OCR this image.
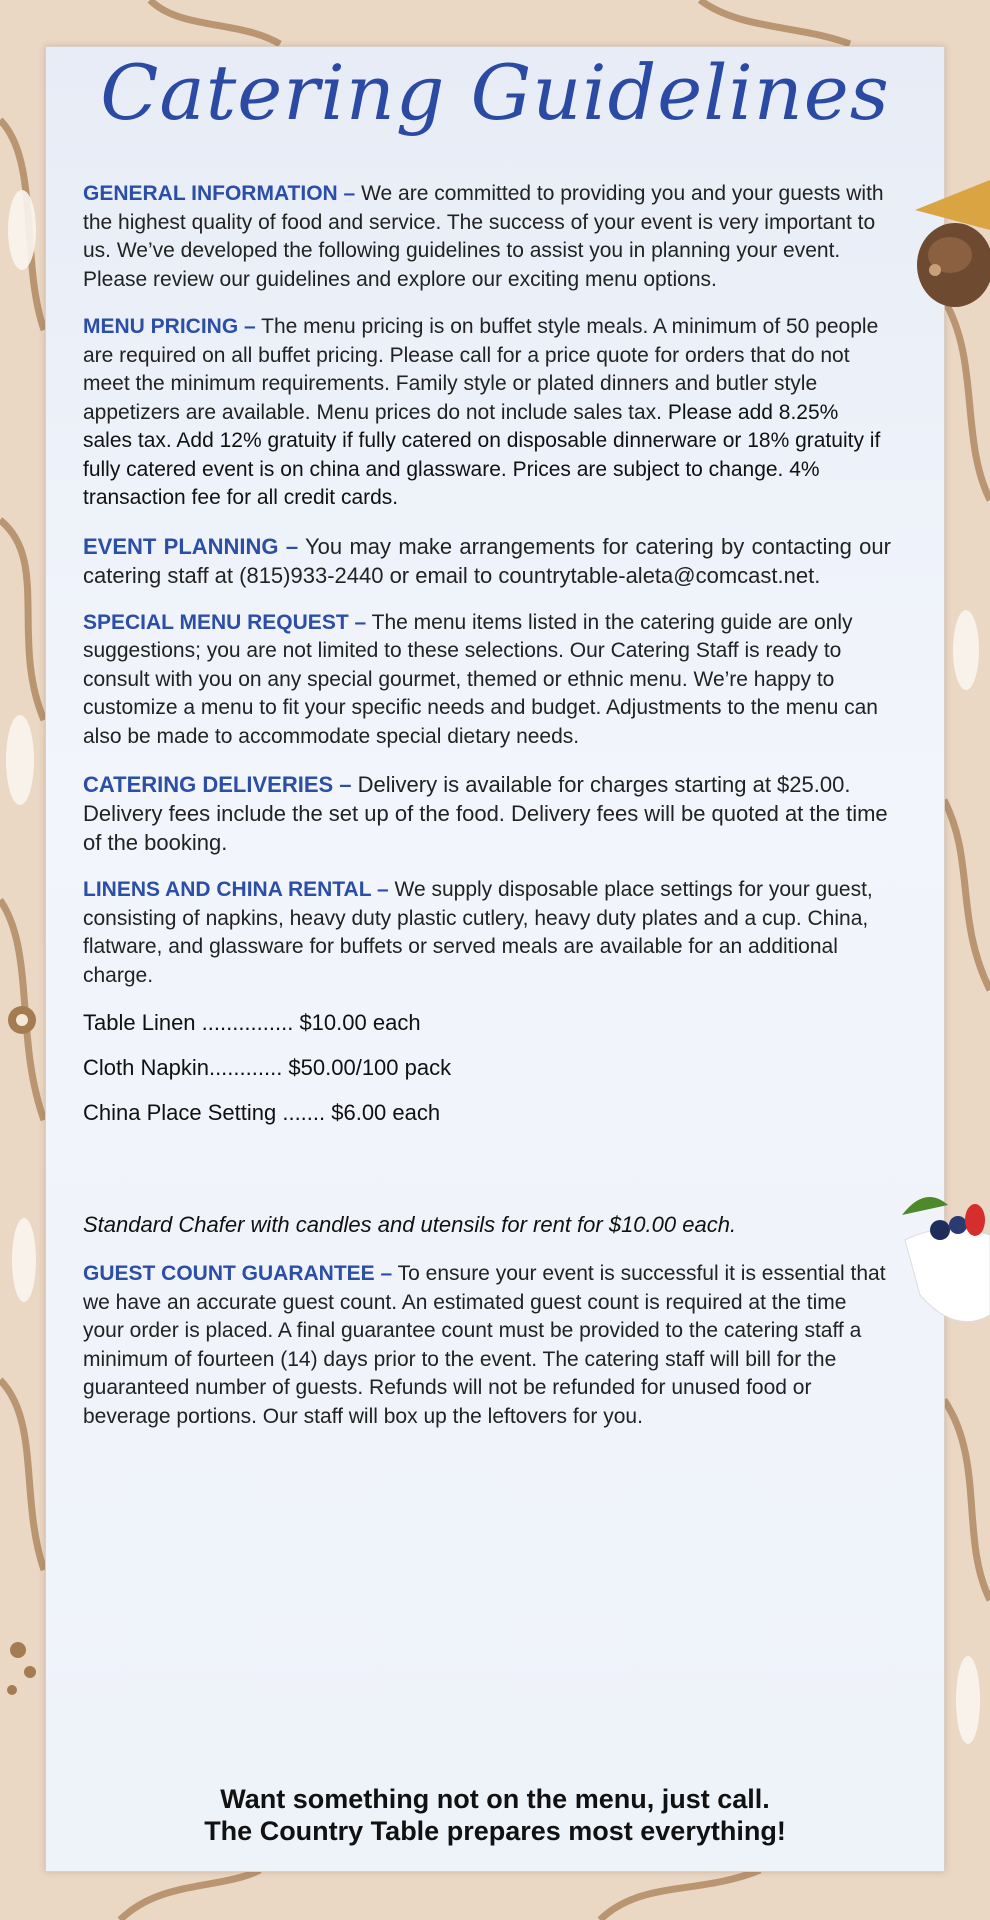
Catering Guidelines

GENERAL INFORMATION – We are committed to providing you and your guests with the highest quality of food and service. The success of your event is very important to us. We’ve developed the following guidelines to assist you in planning your event. Please review our guidelines and explore our exciting menu options.

MENU PRICING – The menu pricing is on buffet style meals. A minimum of 50 people are required on all buffet pricing. Please call for a price quote for orders that do not meet the minimum requirements. Family style or plated dinners and butler style appetizers are available. Menu prices do not include sales tax. Please add 8.25% sales tax. Add 12% gratuity if fully catered on disposable dinnerware or 18% gratuity if fully catered event is on china and glassware. Prices are subject to change. 4% transaction fee for all credit cards.

EVENT PLANNING – You may make arrangements for catering by contacting our catering staff at (815)933-2440 or email to countrytable-aleta@comcast.net.

SPECIAL MENU REQUEST – The menu items listed in the catering guide are only suggestions; you are not limited to these selections. Our Catering Staff is ready to consult with you on any special gourmet, themed or ethnic menu. We’re happy to customize a menu to fit your specific needs and budget. Adjustments to the menu can also be made to accommodate special dietary needs.

CATERING DELIVERIES – Delivery is available for charges starting at $25.00. Delivery fees include the set up of the food. Delivery fees will be quoted at the time of the booking.

LINENS AND CHINA RENTAL – We supply disposable place settings for your guest, consisting of napkins, heavy duty plastic cutlery, heavy duty plates and a cup. China, flatware, and glassware for buffets or served meals are available for an additional charge.

Table Linen ............... $10.00 each
Cloth Napkin............ $50.00/100 pack
China Place Setting ....... $6.00 each
Standard Chafer with candles and utensils for rent for $10.00 each.

GUEST COUNT GUARANTEE – To ensure your event is successful it is essential that we have an accurate guest count. An estimated guest count is required at the time your order is placed. A final guarantee count must be provided to the catering staff a minimum of fourteen (14) days prior to the event. The catering staff will bill for the guaranteed number of guests. Refunds will not be refunded for unused food or beverage portions. Our staff will box up the leftovers for you.

Want something not on the menu, just call.
The Country Table prepares most everything!
